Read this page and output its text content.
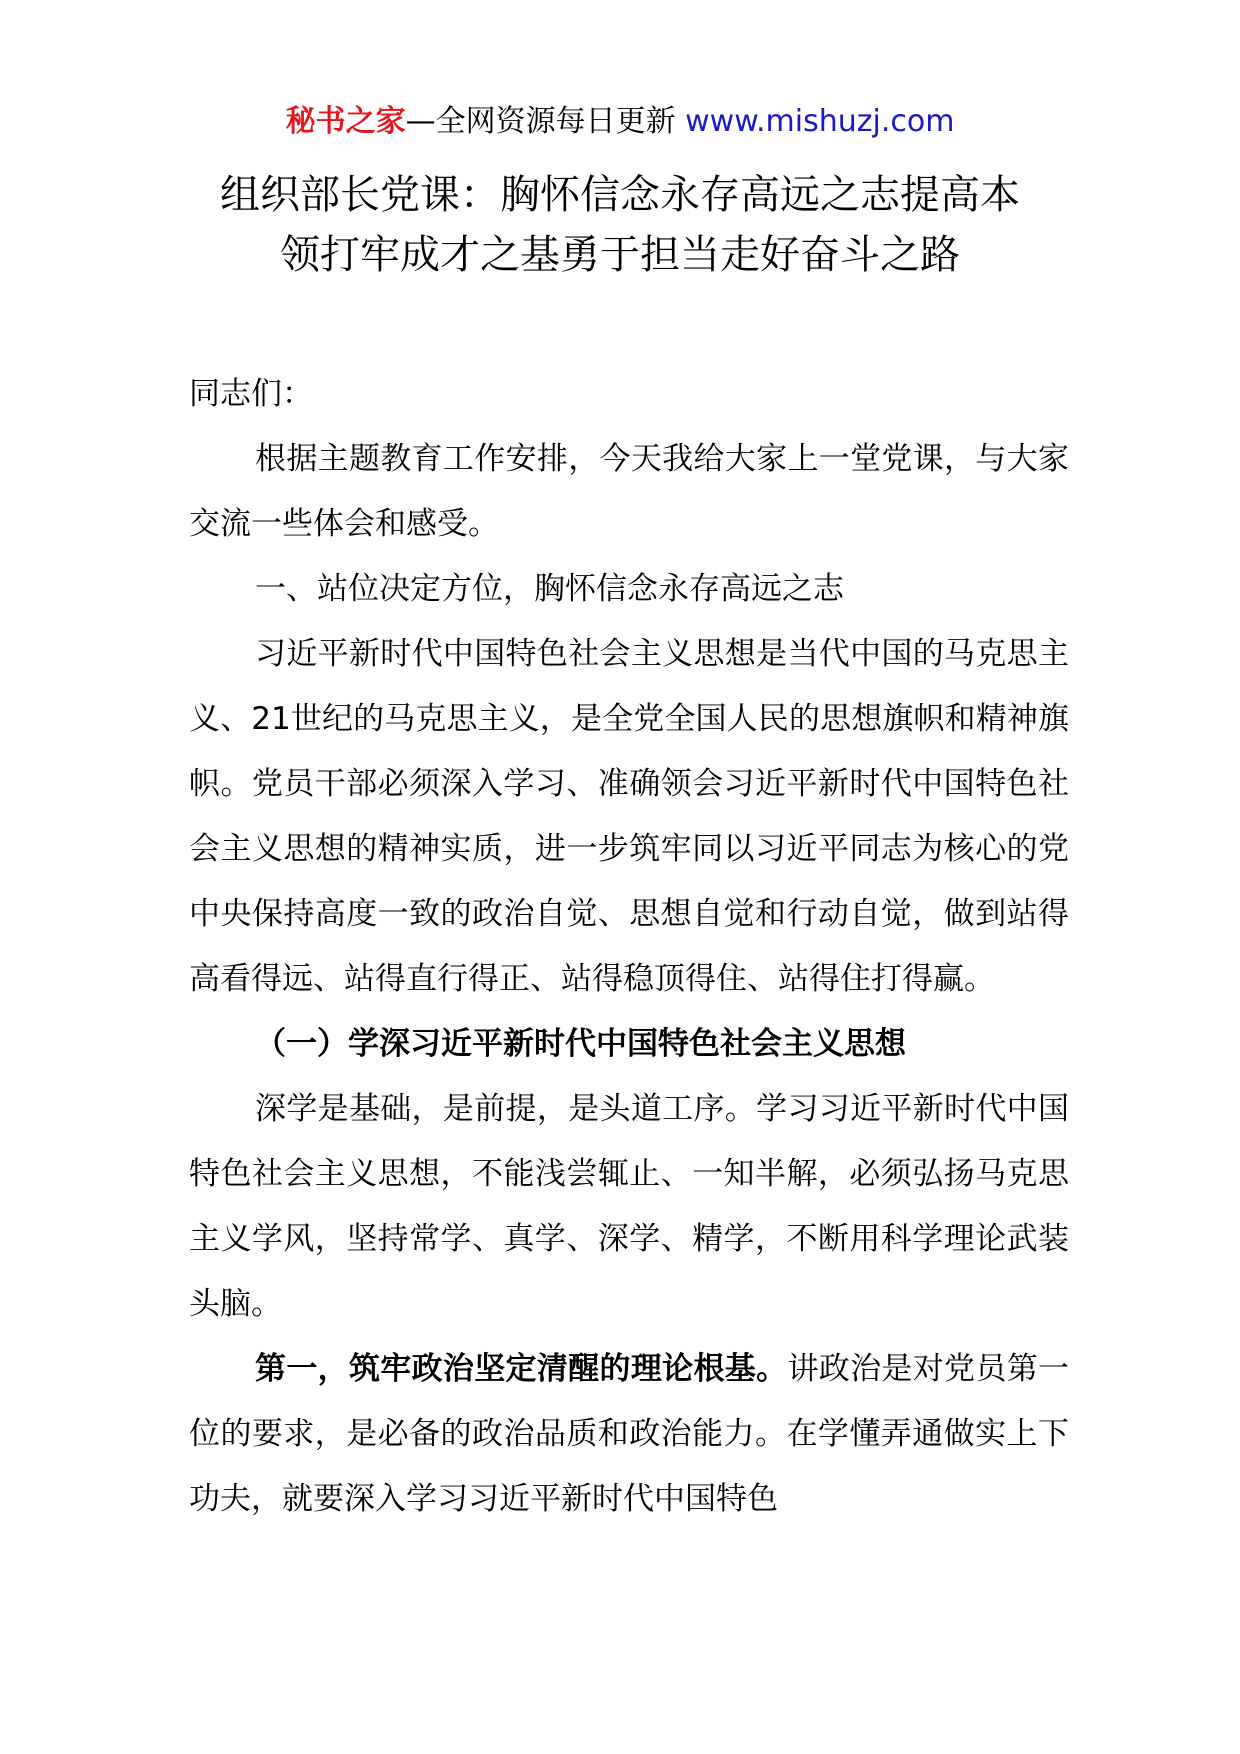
秘书之家—全网资源每日更新 www.mishuzj.com
组织部长党课：胸怀信念永存高远之志提高本
领打牢成才之基勇于担当走好奋斗之路

同志们：

根据主题教育工作安排，今天我给大家上一堂党课，与大家交流一些体会和感受。

一、站位决定方位，胸怀信念永存高远之志

习近平新时代中国特色社会主义思想是当代中国的马克思主义、21世纪的马克思主义，是全党全国人民的思想旗帜和精神旗帜。党员干部必须深入学习、准确领会习近平新时代中国特色社会主义思想的精神实质，进一步筑牢同以习近平同志为核心的党中央保持高度一致的政治自觉、思想自觉和行动自觉，做到站得高看得远、站得直行得正、站得稳顶得住、站得住打得赢。

（一）学深习近平新时代中国特色社会主义思想

深学是基础，是前提，是头道工序。学习习近平新时代中国特色社会主义思想，不能浅尝辄止、一知半解，必须弘扬马克思主义学风，坚持常学、真学、深学、精学，不断用科学理论武装头脑。

第一，筑牢政治坚定清醒的理论根基。讲政治是对党员第一位的要求，是必备的政治品质和政治能力。在学懂弄通做实上下功夫，就要深入学习习近平新时代中国特色
